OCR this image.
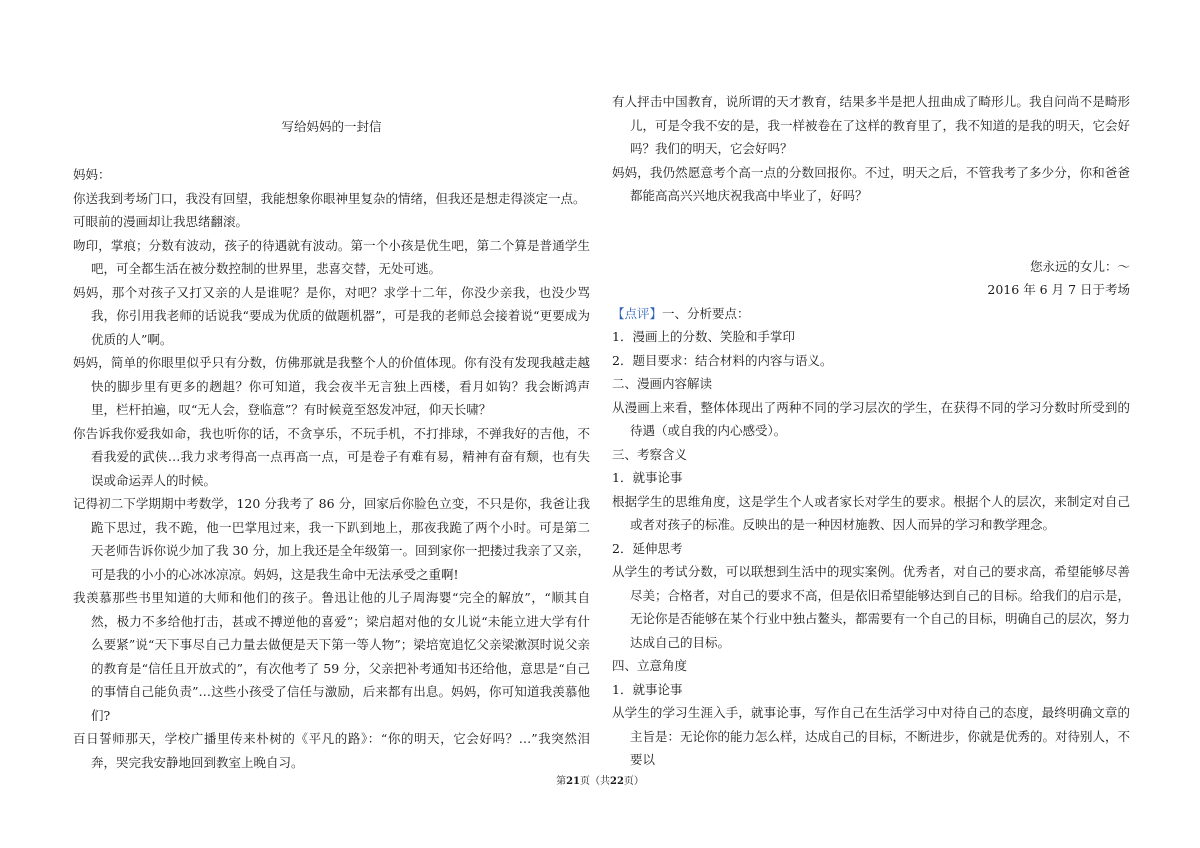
写给妈妈的一封信

妈妈：

你送我到考场门口，我没有回望，我能想象你眼神里复杂的情绪，但我还是想走得淡定一点。

可眼前的漫画却让我思绪翻滚。

吻印，掌痕；分数有波动，孩子的待遇就有波动。第一个小孩是优生吧，第二个算是普通学生吧，可全都生活在被分数控制的世界里，悲喜交替，无处可逃。

妈妈，那个对孩子又打又亲的人是谁呢？是你，对吧？求学十二年，你没少亲我，也没少骂我，你引用我老师的话说我“要成为优质的做题机器”，可是我的老师总会接着说“更要成为优质的人”啊。

妈妈，简单的你眼里似乎只有分数，仿佛那就是我整个人的价值体现。你有没有发现我越走越快的脚步里有更多的趔趄？你可知道，我会夜半无言独上西楼，看月如钩？我会断鸿声里，栏杆拍遍，叹“无人会，登临意”？有时候竟至怒发冲冠，仰天长啸？

你告诉我你爱我如命，我也听你的话，不贪享乐，不玩手机，不打排球，不弹我好的吉他，不看我爱的武侠…我力求考得高一点再高一点，可是卷子有难有易，精神有奋有颓，也有失误或命运弄人的时候。

记得初二下学期期中考数学，120 分我考了 86 分，回家后你脸色立变，不只是你，我爸让我跪下思过，我不跪，他一巴掌甩过来，我一下趴到地上，那夜我跪了两个小时。可是第二天老师告诉你说少加了我 30 分，加上我还是全年级第一。回到家你一把搂过我亲了又亲，可是我的小小的心冰冰凉凉。妈妈，这是我生命中无法承受之重啊!

我羡慕那些书里知道的大师和他们的孩子。鲁迅让他的儿子周海婴“完全的解放”，“顺其自然，极力不多给他打击，甚或不搏逆他的喜爱”；梁启超对他的女儿说“未能立进大学有什么要紧”说“天下事尽自己力量去做便是天下第一等人物”；梁培宽追忆父亲梁漱溟时说父亲的教育是“信任且开放式的”，有次他考了 59 分，父亲把补考通知书还给他，意思是“自己的事情自己能负责”…这些小孩受了信任与激励，后来都有出息。妈妈，你可知道我羡慕他们?

百日誓师那天，学校广播里传来朴树的《平凡的路》：“你的明天，它会好吗？…”我突然泪奔，哭完我安静地回到教室上晚自习。

有人抨击中国教育，说所谓的天才教育，结果多半是把人扭曲成了畸形儿。我自问尚不是畸形儿，可是令我不安的是，我一样被卷在了这样的教育里了，我不知道的是我的明天，它会好吗？我们的明天，它会好吗？

妈妈，我仍然愿意考个高一点的分数回报你。不过，明天之后，不管我考了多少分，你和爸爸都能高高兴兴地庆祝我高中毕业了，好吗？

您永远的女儿：～

2016 年 6 月 7 日于考场

【点评】一、分析要点：

1．漫画上的分数、笑脸和手掌印

2．题目要求：结合材料的内容与语义。

二、漫画内容解读

从漫画上来看，整体体现出了两种不同的学习层次的学生，在获得不同的学习分数时所受到的待遇（或自我的内心感受）。

三、考察含义

1．就事论事

根据学生的思维角度，这是学生个人或者家长对学生的要求。根据个人的层次，来制定对自己或者对孩子的标准。反映出的是一种因材施教、因人而异的学习和教学理念。

2．延伸思考

从学生的考试分数，可以联想到生活中的现实案例。优秀者，对自己的要求高，希望能够尽善尽美；合格者，对自己的要求不高，但是依旧希望能够达到自己的目标。给我们的启示是，无论你是否能够在某个行业中独占鳌头，都需要有一个自己的目标，明确自己的层次，努力达成自己的目标。

四、立意角度

1．就事论事

从学生的学习生涯入手，就事论事，写作自己在生活学习中对待自己的态度，最终明确文章的主旨是：无论你的能力怎么样，达成自己的目标，不断进步，你就是优秀的。对待别人，不要以

第21页（共22页）
